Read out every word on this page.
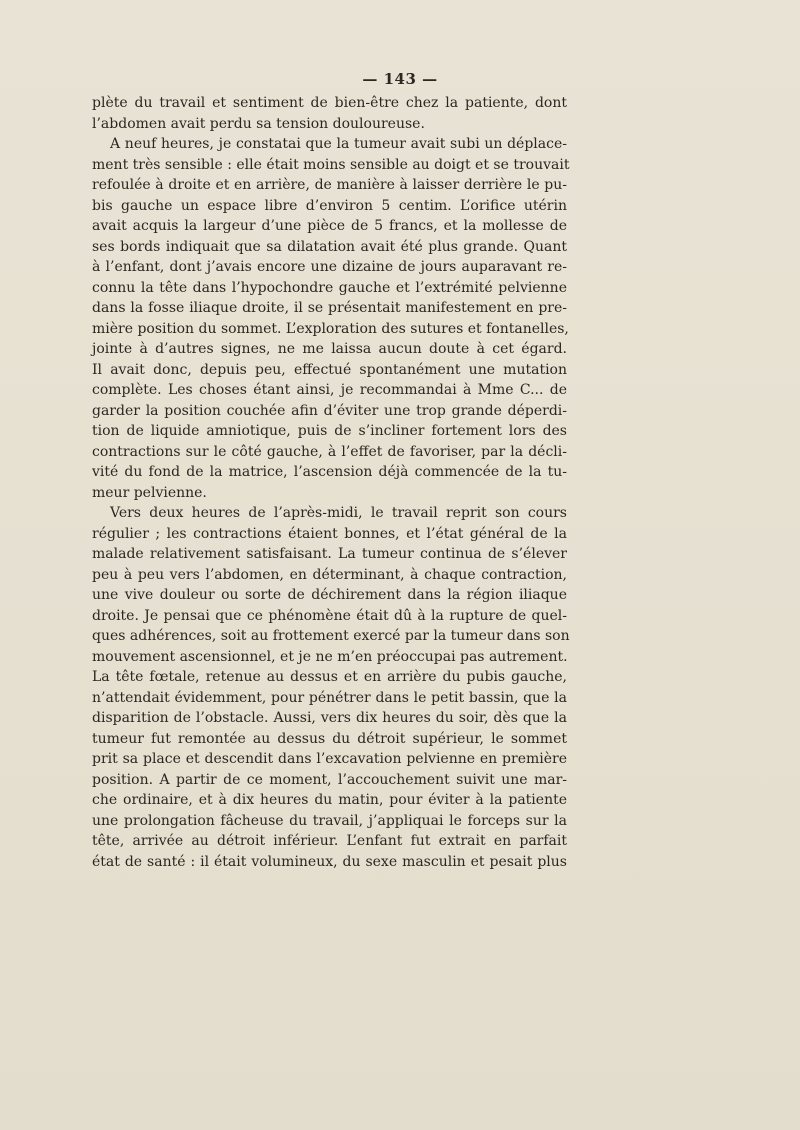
— 143 —
plète du travail et sentiment de bien-être chez la patiente, dont
l’abdomen avait perdu sa tension douloureuse.
A neuf heures, je constatai que la tumeur avait subi un déplace-
ment très sensible : elle était moins sensible au doigt et se trouvait
refoulée à droite et en arrière, de manière à laisser derrière le pu-
bis gauche un espace libre d’environ 5 centim. L’orifice utérin
avait acquis la largeur d’une pièce de 5 francs, et la mollesse de
ses bords indiquait que sa dilatation avait été plus grande. Quant
à l’enfant, dont j’avais encore une dizaine de jours auparavant re-
connu la tête dans l’hypochondre gauche et l’extrémité pelvienne
dans la fosse iliaque droite, il se présentait manifestement en pre-
mière position du sommet. L’exploration des sutures et fontanelles,
jointe à d’autres signes, ne me laissa aucun doute à cet égard.
Il avait donc, depuis peu, effectué spontanément une mutation
complète. Les choses étant ainsi, je recommandai à Mme C... de
garder la position couchée afin d’éviter une trop grande déperdi-
tion de liquide amniotique, puis de s’incliner fortement lors des
contractions sur le côté gauche, à l’effet de favoriser, par la décli-
vité du fond de la matrice, l’ascension déjà commencée de la tu-
meur pelvienne.
Vers deux heures de l’après-midi, le travail reprit son cours
régulier ; les contractions étaient bonnes, et l’état général de la
malade relativement satisfaisant. La tumeur continua de s’élever
peu à peu vers l’abdomen, en déterminant, à chaque contraction,
une vive douleur ou sorte de déchirement dans la région iliaque
droite. Je pensai que ce phénomène était dû à la rupture de quel-
ques adhérences, soit au frottement exercé par la tumeur dans son
mouvement ascensionnel, et je ne m’en préoccupai pas autrement.
La tête fœtale, retenue au dessus et en arrière du pubis gauche,
n’attendait évidemment, pour pénétrer dans le petit bassin, que la
disparition de l’obstacle. Aussi, vers dix heures du soir, dès que la
tumeur fut remontée au dessus du détroit supérieur, le sommet
prit sa place et descendit dans l’excavation pelvienne en première
position. A partir de ce moment, l’accouchement suivit une mar-
che ordinaire, et à dix heures du matin, pour éviter à la patiente
une prolongation fâcheuse du travail, j’appliquai le forceps sur la
tête, arrivée au détroit inférieur. L’enfant fut extrait en parfait
état de santé : il était volumineux, du sexe masculin et pesait plus
